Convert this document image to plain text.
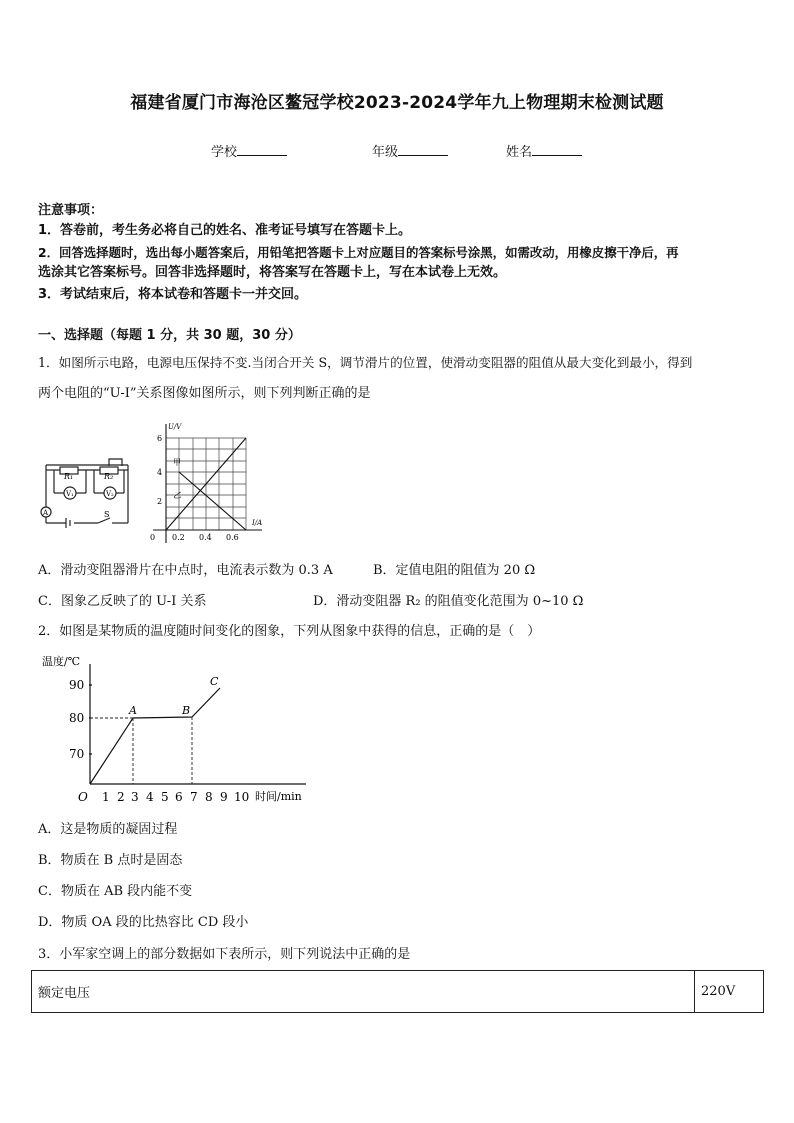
福建省厦门市海沧区鳌冠学校2023-2024学年九上物理期末检测试题
学校	年级	姓名
注意事项：
1．答卷前，考生务必将自己的姓名、准考证号填写在答题卡上。
2．回答选择题时，选出每小题答案后，用铅笔把答题卡上对应题目的答案标号涂黑，如需改动，用橡皮擦干净后，再
选涂其它答案标号。回答非选择题时，将答案写在答题卡上，写在本试卷上无效。
3．考试结束后，将本试卷和答题卡一并交回。
一、选择题（每题 1 分，共 30 题，30 分）
1．如图所示电路，电源电压保持不变.当闭合开关 S，调节滑片的位置，使滑动变阻器的阻值从最大变化到最小，得到
两个电阻的“U-I”关系图像如图所示，则下列判断正确的是
R₁	R₂
V₁	V₂
A	S
U/V
I/A
6
4
2
0 0.2 0.4 0.6
甲
乙
A．滑动变阻器滑片在中点时，电流表示数为 0.3 A	B．定值电阻的阻值为 20 Ω
C．图象乙反映了的 U-I 关系	D．滑动变阻器 R₂ 的阻值变化范围为 0~10 Ω
2．如图是某物质的温度随时间变化的图象，下列从图象中获得的信息，正确的是（　）
温度/℃
90
80
70
O 1 2 3 4 5 6 7 8 9 10 时间/min
A	B
C
A．这是物质的凝固过程
B．物质在 B 点时是固态
C．物质在 AB 段内能不变
D．物质 OA 段的比热容比 CD 段小
3．小军家空调上的部分数据如下表所示，则下列说法中正确的是
额定电压	220V
